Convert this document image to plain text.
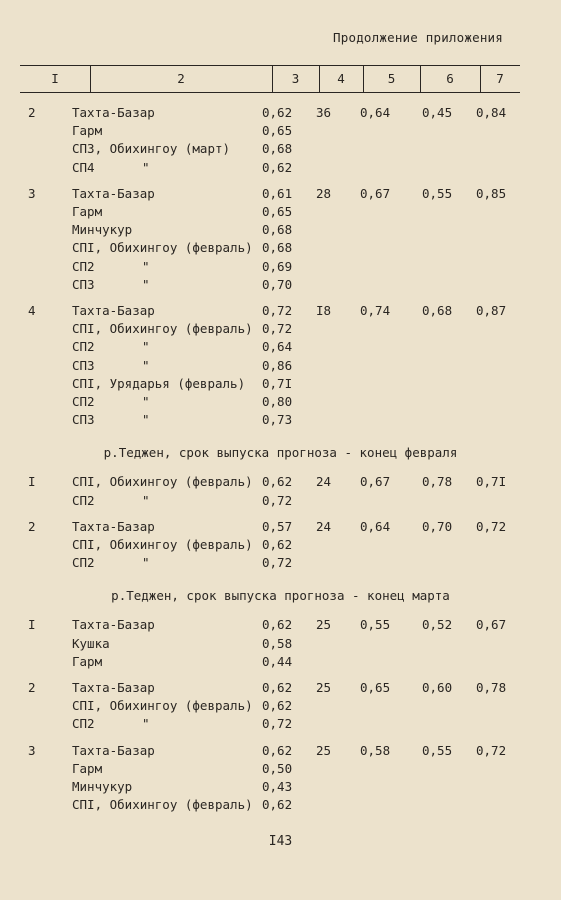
Продолжение приложения
I	2	3	4	5	6	7
2	Тахта-Базар	0,62 36 0,64	0,45 0,84
Гарм	0,65
СП3, Обихингоу (март)	0,68
СП4	"	0,62
3	Тахта-Базар	0,61 28 0,67	0,55 0,85
Гарм	0,65
Минчукур	0,68
СПI, Обихингоу (февраль) 0,68
СП2	"	0,69
СП3	"	0,70
4	Тахта-Базар	0,72 I8 0,74	0,68 0,87
СПI, Обихингоу (февраль) 0,72
СП2	"	0,64
СП3	"	0,86
СПI, Урядарья (февраль) 0,7I
СП2	"	0,80
СП3	"	0,73
р.Теджен, срок выпуска прогноза - конец февраля
I	СПI, Обихингоу (февраль) 0,62 24 0,67	0,78 0,7I
СП2	"	0,72
2	Тахта-Базар	0,57 24 0,64	0,70 0,72
СПI, Обихингоу (февраль) 0,62
СП2	"	0,72
р.Теджен, срок выпуска прогноза - конец марта
I	Тахта-Базар	0,62 25 0,55	0,52 0,67
Кушка	0,58
Гарм	0,44
2	Тахта-Базар	0,62 25 0,65	0,60 0,78
СПI, Обихингоу (февраль) 0,62
СП2	"	0,72
3	Тахта-Базар	0,62 25 0,58	0,55 0,72
Гарм	0,50
Минчукур	0,43
СПI, Обихингоу (февраль) 0,62
I43
